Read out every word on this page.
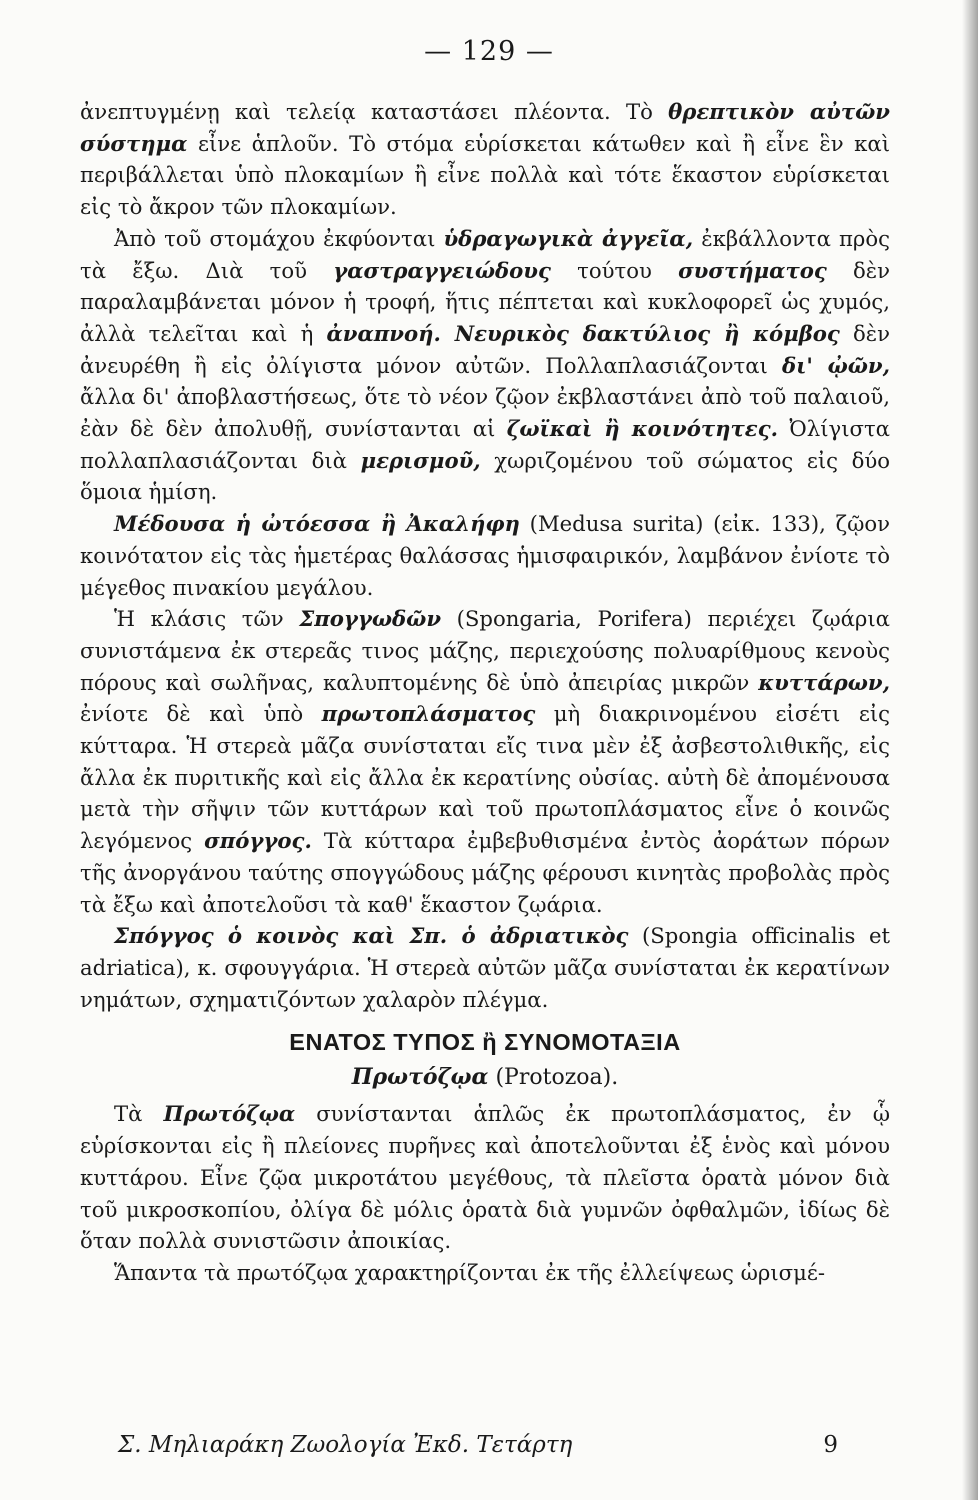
— 129 —

ἀνεπτυγμένῃ καὶ τελείᾳ καταστάσει πλέοντα. Τὸ θρεπτικὸν αὐτῶν σύστημα εἶνε ἁπλοῦν. Τὸ στόμα εὑρίσκεται κάτωθεν καὶ ἢ εἶνε ἓν καὶ περιβάλλεται ὑπὸ πλοκαμίων ἢ εἶνε πολλὰ καὶ τότε ἕκαστον εὑρίσκεται εἰς τὸ ἄκρον τῶν πλοκαμίων.

Ἀπὸ τοῦ στομάχου ἐκφύονται ὑδραγωγικὰ ἀγγεῖα, ἐκβάλλοντα πρὸς τὰ ἔξω. Διὰ τοῦ γαστραγγειώδους τούτου συστήματος δὲν παραλαμβάνεται μόνον ἡ τροφή, ἥτις πέπτεται καὶ κυκλοφορεῖ ὡς χυμός, ἀλλὰ τελεῖται καὶ ἡ ἀναπνοή. Νευρικὸς δακτύλιος ἢ κόμβος δὲν ἀνευρέθη ἢ εἰς ὀλίγιστα μόνον αὐτῶν. Πολλαπλασιάζονται δι' ᾠῶν, ἄλλα δι' ἀποβλαστήσεως, ὅτε τὸ νέον ζῷον ἐκβλαστάνει ἀπὸ τοῦ παλαιοῦ, ἐὰν δὲ δὲν ἀπολυθῇ, συνίστανται αἱ ζωϊκαὶ ἢ κοινότητες. Ὀλίγιστα πολλαπλασιάζονται διὰ μερισμοῦ, χωριζομένου τοῦ σώματος εἰς δύο ὅμοια ἡμίση.

Μέδουσα ἡ ὠτόεσσα ἢ Ἀκαλήφη (Medusa surita) (εἰκ. 133), ζῷον κοινότατον εἰς τὰς ἡμετέρας θαλάσσας ἡμισφαιρικόν, λαμβάνον ἐνίοτε τὸ μέγεθος πινακίου μεγάλου.

Ἡ κλάσις τῶν Σπογγωδῶν (Spongaria, Porifera) περιέχει ζῳάρια συνιστάμενα ἐκ στερεᾶς τινος μάζης, περιεχούσης πολυαρίθμους κενοὺς πόρους καὶ σωλῆνας, καλυπτομένης δὲ ὑπὸ ἀπειρίας μικρῶν κυττάρων, ἐνίοτε δὲ καὶ ὑπὸ πρωτοπλάσματος μὴ διακρινομένου εἰσέτι εἰς κύτταρα. Ἡ στερεὰ μᾶζα συνίσταται εἴς τινα μὲν ἐξ ἀσβεστολιθικῆς, εἰς ἄλλα ἐκ πυριτικῆς καὶ εἰς ἄλλα ἐκ κερατίνης οὐσίας. αὐτὴ δὲ ἀπομένουσα μετὰ τὴν σῆψιν τῶν κυττάρων καὶ τοῦ πρωτοπλάσματος εἶνε ὁ κοινῶς λεγόμενος σπόγγος. Τὰ κύτταρα ἐμβεβυθισμένα ἐντὸς ἀοράτων πόρων τῆς ἀνοργάνου ταύτης σπογγώδους μάζης φέρουσι κινητὰς προβολὰς πρὸς τὰ ἔξω καὶ ἀποτελοῦσι τὰ καθ' ἕκαστον ζῳάρια.

Σπόγγος ὁ κοινὸς καὶ Σπ. ὁ ἀδριατικὸς (Spongia officinalis et adriatica), κ. σφουγγάρια. Ἡ στερεὰ αὐτῶν μᾶζα συνίσταται ἐκ κερατίνων νημάτων, σχηματιζόντων χαλαρὸν πλέγμα.

ΕΝΑΤΟΣ ΤΥΠΟΣ ἢ ΣΥΝΟΜΟΤΑΞΙΑ
Πρωτόζῳα (Protozoa).

Τὰ Πρωτόζῳα συνίστανται ἁπλῶς ἐκ πρωτοπλάσματος, ἐν ᾧ εὑρίσκονται εἰς ἢ πλείονες πυρῆνες καὶ ἀποτελοῦνται ἐξ ἑνὸς καὶ μόνου κυττάρου. Εἶνε ζῷα μικροτάτου μεγέθους, τὰ πλεῖστα ὁρατὰ μόνον διὰ τοῦ μικροσκοπίου, ὀλίγα δὲ μόλις ὁρατὰ διὰ γυμνῶν ὀφθαλμῶν, ἰδίως δὲ ὅταν πολλὰ συνιστῶσιν ἀποικίας.

Ἅπαντα τὰ πρωτόζῳα χαρακτηρίζονται ἐκ τῆς ἐλλείψεως ὡρισμέ-

Σ. Μηλιαράκη Ζωολογία Ἐκδ. Τετάρτη	9
